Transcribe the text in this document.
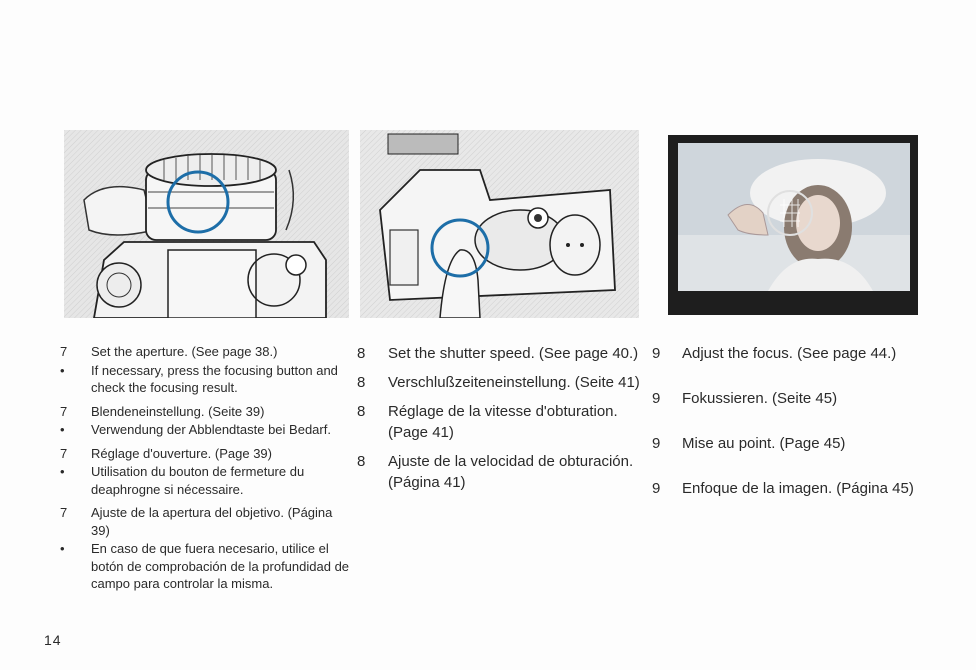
7	Set the aperture. (See page 38.)
•	If necessary, press the focusing button and check the focusing result.
7	Blendeneinstellung. (Seite 39)
•	Verwendung der Abblendtaste bei Bedarf.
7	Réglage d'ouverture. (Page 39)
•	Utilisation du bouton de fermeture du deaphrogne si nécessaire.
7	Ajuste de la apertura del objetivo. (Página 39)
•	En caso de que fuera necesario, utilice el botón de comprobación de la profundidad de campo para controlar la misma.
8	Set the shutter speed. (See page 40.)
8	Verschlußzeiteneinstellung. (Seite 41)
8	Réglage de la vitesse d'obturation. (Page 41)
8	Ajuste de la velocidad de obturación. (Página 41)
9	Adjust the focus. (See page 44.)
9	Fokussieren. (Seite 45)
9	Mise au point. (Page 45)
9	Enfoque de la imagen. (Página 45)
14
